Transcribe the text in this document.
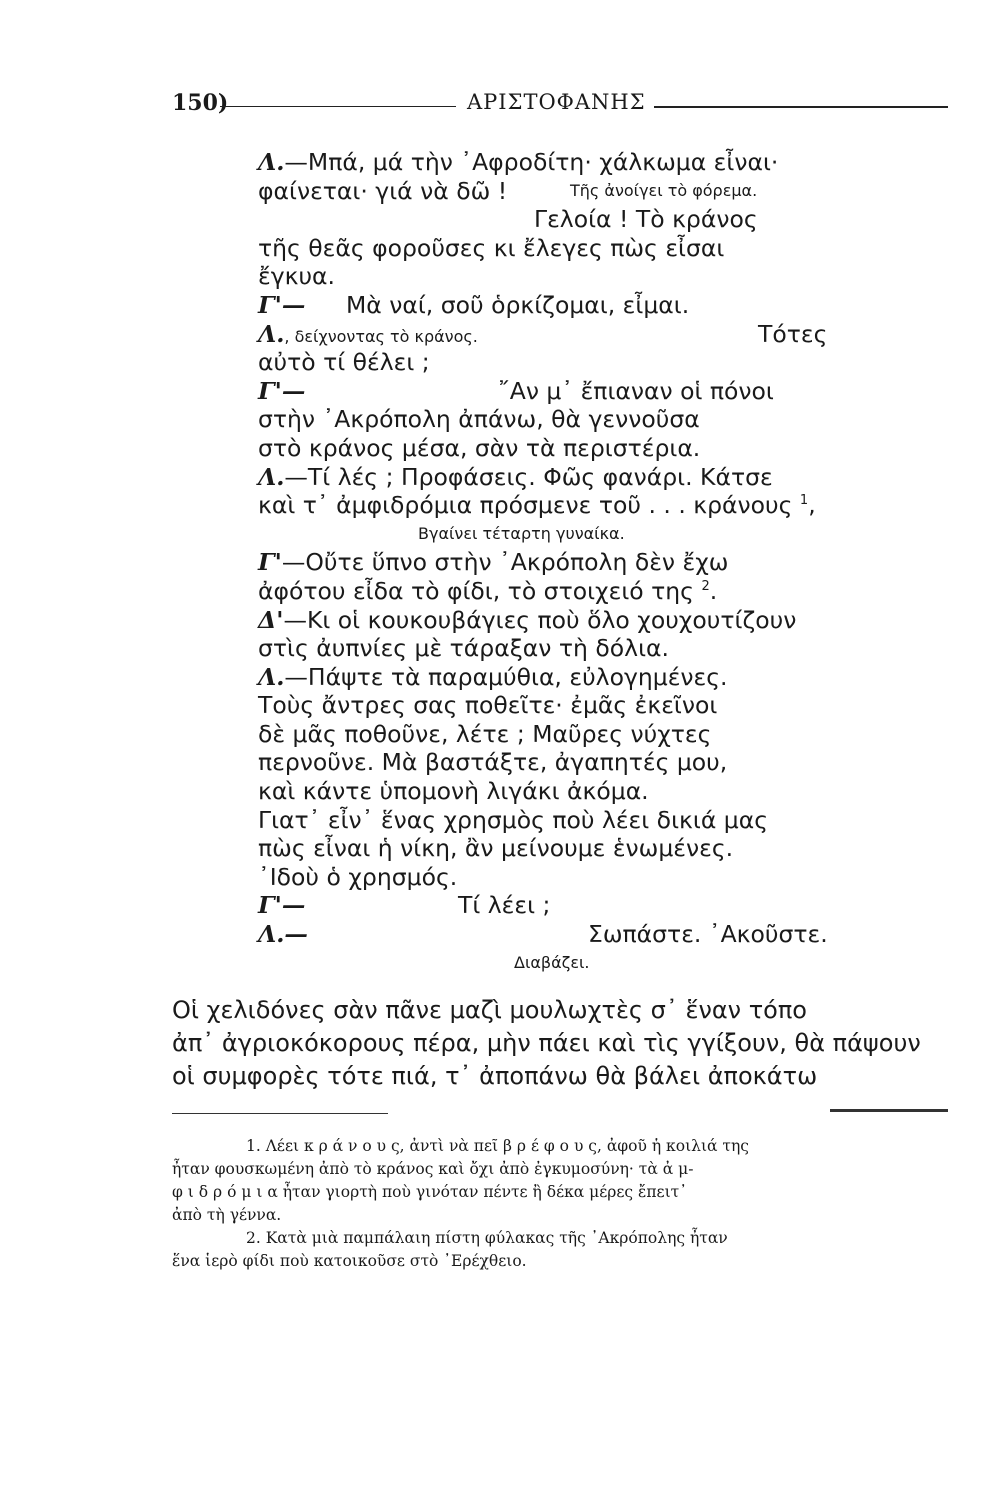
150)	ΑΡΙΣΤΟΦΑΝΗΣ
Λ.—Μπά, μά τὴν ᾿Αφροδίτη· χάλκωμα εἶναι·
φαίνεται· γιά νὰ δῶ !	Τῆς ἀνοίγει τὸ φόρεμα.
Γελοία ! Τὸ κράνος
τῆς θεᾶς φοροῦσες κι ἔλεγες πὼς εἶσαι
ἔγκυα.
Γ'— Μὰ ναί, σοῦ ὁρκίζομαι, εἶμαι.
Λ., δείχνοντας τὸ κράνος.	Τότες
αὐτὸ τί θέλει ;
Γ'—	῎Αν μ᾿ ἔπιαναν οἱ πόνοι
στὴν ᾿Ακρόπολη ἀπάνω, θὰ γεννοῦσα
στὸ κράνος μέσα, σὰν τὰ περιστέρια.
Λ.—Τί λές ; Προφάσεις. Φῶς φανάρι. Κάτσε
καὶ τ᾿ ἀμφιδρόμια πρόσμενε τοῦ . . . κράνους $^1$,
Βγαίνει τέταρτη γυναίκα.
Γ'—Οὔτε ὕπνο στὴν ᾿Ακρόπολη δὲν ἔχω
ἀφότου εἶδα τὸ φίδι, τὸ στοιχειό της $^2$.
Δ'—Κι οἱ κουκουβάγιες ποὺ ὅλο χουχουτίζουν
στὶς ἀυπνίες μὲ τάραξαν τὴ δόλια.
Λ.—Πάψτε τὰ παραμύθια, εὐλογημένες.
Τοὺς ἄντρες σας ποθεῖτε· ἐμᾶς ἐκεῖνοι
δὲ μᾶς ποθοῦνε, λέτε ; Μαῦρες νύχτες
περνοῦνε. Μὰ βαστάξτε, ἀγαπητές μου,
καὶ κάντε ὑπομονὴ λιγάκι ἀκόμα.
Γιατ᾿ εἶν᾿ ἕνας χρησμὸς ποὺ λέει δικιά μας
πὼς εἶναι ἡ νίκη, ἂν μείνουμε ἑνωμένες.
᾿Ιδοὺ ὁ χρησμός.
Γ'—	Τί λέει ;
Λ.—	Σωπάστε. ᾿Ακοῦστε.
Διαβάζει.
Οἱ χελιδόνες σὰν πᾶνε μαζὶ μουλωχτὲς σ᾿ ἕναν τόπο
ἀπ᾿ ἀγριοκόκορους πέρα, μὴν πάει καὶ τὶς γγίξουν, θὰ πάψουν
οἱ συμφορὲς τότε πιά, τ᾿ ἀποπάνω θὰ βάλει ἀποκάτω
1. Λέει κ ρ ά ν ο υ ς, ἀντὶ νὰ πεῖ β ρ έ φ ο υ ς, ἀφοῦ ἡ κοιλιά της
ἦταν φουσκωμένη ἀπὸ τὸ κράνος καὶ ὄχι ἀπὸ ἐγκυμοσύνη· τὰ ἀ μ-
φ ι δ ρ ό μ ι α ἦταν γιορτὴ ποὺ γινόταν πέντε ἢ δέκα μέρες ἔπειτ᾿
ἀπὸ τὴ γέννα.
2. Κατὰ μιὰ παμπάλαιη πίστη φύλακας τῆς ᾿Ακρόπολης ἦταν
ἕνα ἱερὸ φίδι ποὺ κατοικοῦσε στὸ ᾿Ερέχθειο.
